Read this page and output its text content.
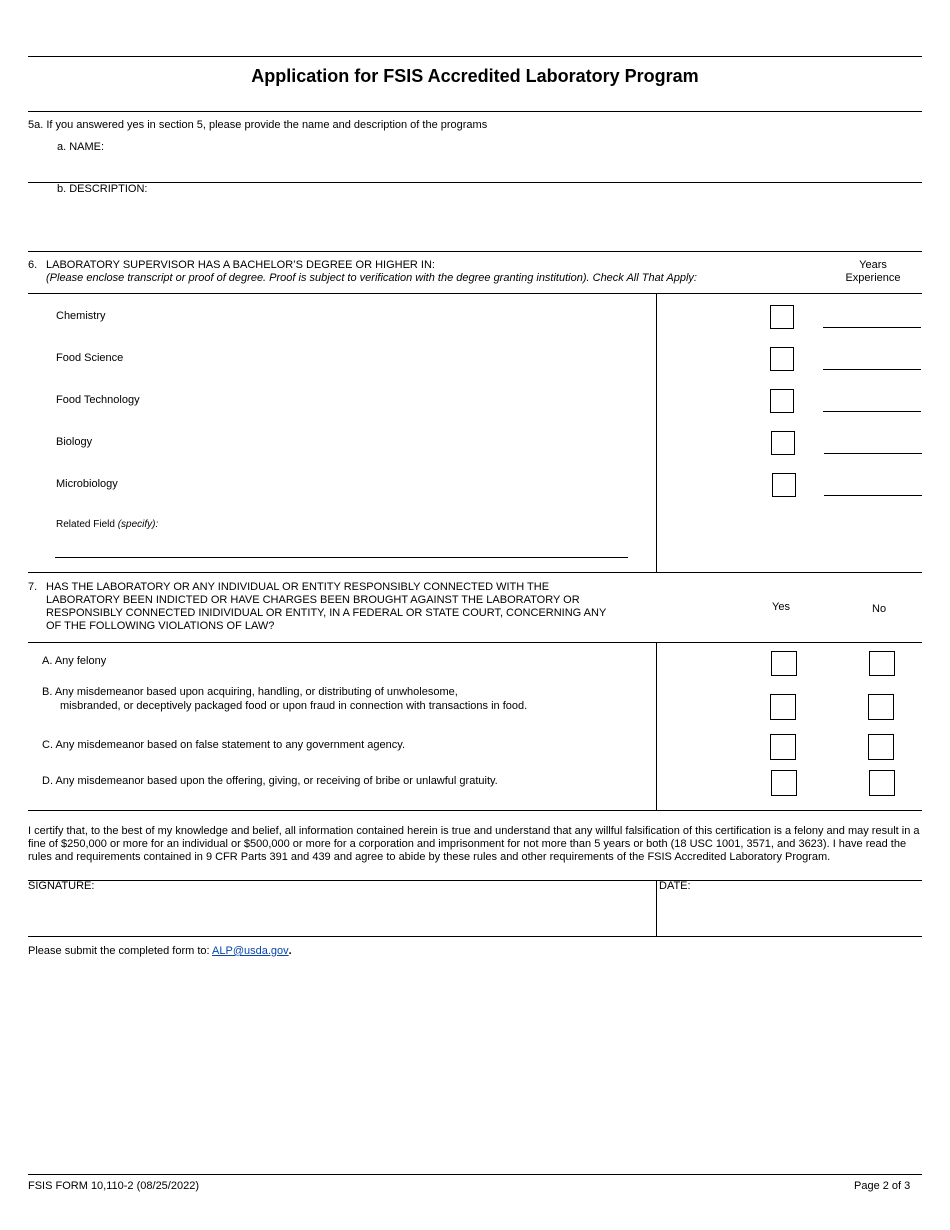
Application for FSIS Accredited Laboratory Program
5a. If you answered yes in section 5, please provide the name and description of the programs
a. NAME:
b. DESCRIPTION:
6. LABORATORY SUPERVISOR HAS A BACHELOR’S DEGREE OR HIGHER IN:
(Please enclose transcript or proof of degree. Proof is subject to verification with the degree granting institution). Check All That Apply:
Years
Experience
Chemistry
Food Science
Food Technology
Biology
Microbiology
Related Field (specify):
7. HAS THE LABORATORY OR ANY INDIVIDUAL OR ENTITY RESPONSIBLY CONNECTED WITH THE
LABORATORY BEEN INDICTED OR HAVE CHARGES BEEN BROUGHT AGAINST THE LABORATORY OR
RESPONSIBLY CONNECTED INIDIVIDUAL OR ENTITY, IN A FEDERAL OR STATE COURT, CONCERNING ANY
OF THE FOLLOWING VIOLATIONS OF LAW?
Yes	No
A. Any felony
B. Any misdemeanor based upon acquiring, handling, or distributing of unwholesome,
misbranded, or deceptively packaged food or upon fraud in connection with transactions in food.
C. Any misdemeanor based on false statement to any government agency.
D. Any misdemeanor based upon the offering, giving, or receiving of bribe or unlawful gratuity.
I certify that, to the best of my knowledge and belief, all information contained herein is true and understand that any willful falsification of this certification is a felony and may result in a
fine of $250,000 or more for an individual or $500,000 or more for a corporation and imprisonment for not more than 5 years or both (18 USC 1001, 3571, and 3623). I have read the
rules and requirements contained in 9 CFR Parts 391 and 439 and agree to abide by these rules and other requirements of the FSIS Accredited Laboratory Program.
SIGNATURE:	DATE:
Please submit the completed form to: ALP@usda.gov.
FSIS FORM 10,110-2 (08/25/2022)	Page 2 of 3
